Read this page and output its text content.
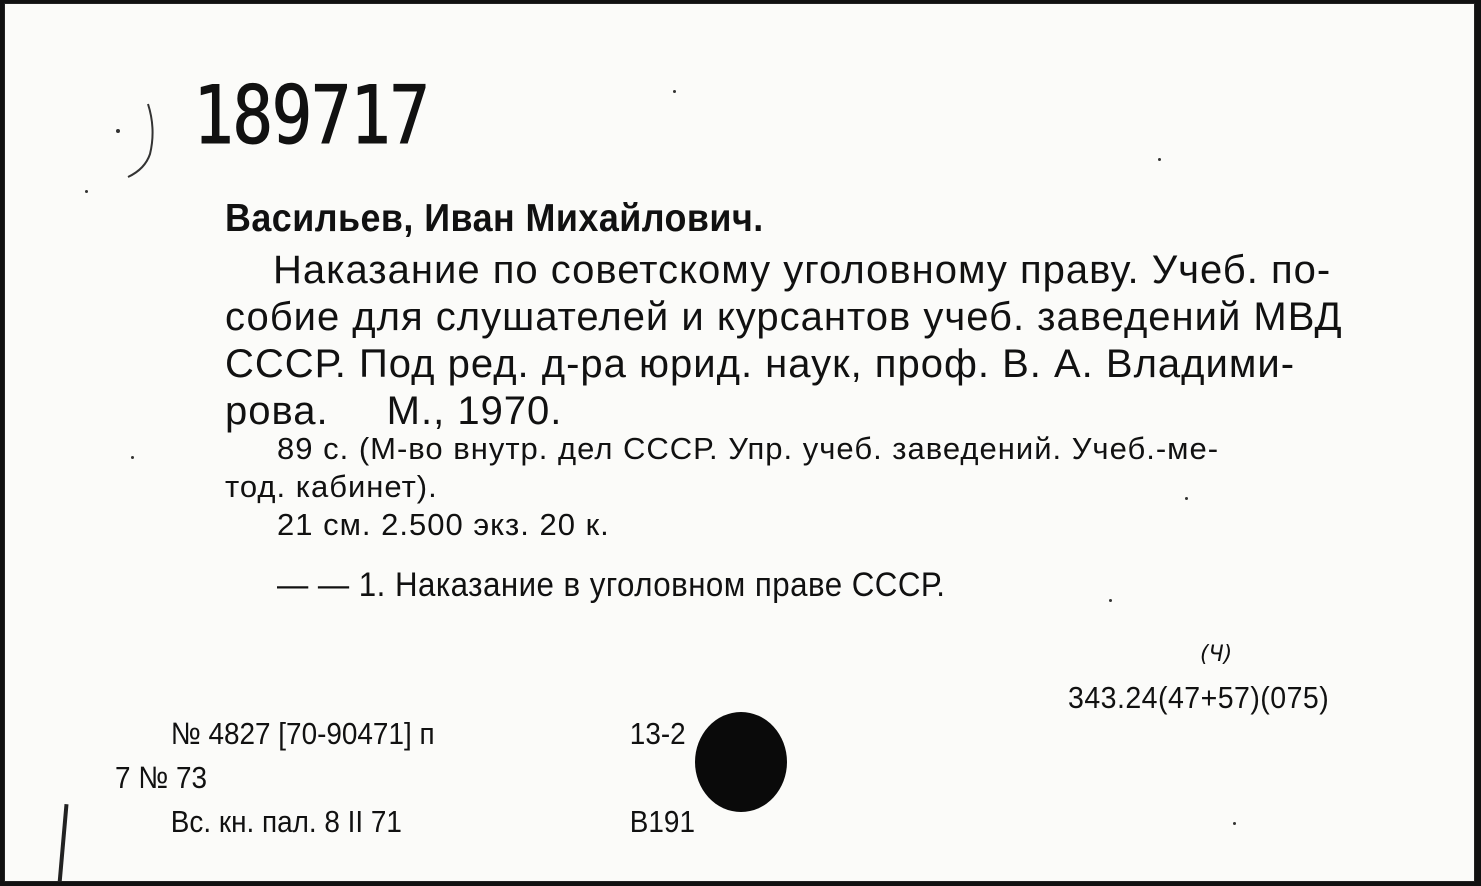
189717
Васильев, Иван Михайлович.
Наказание по советскому уголовному праву. Учеб. по-
собие для слушателей и курсантов учеб. заведений МВД
СССР. Под ред. д-ра юрид. наук, проф. В. А. Владими-
рова. М., 1970.
89 с. (М-во внутр. дел СССР. Упр. учеб. заведений. Учеб.-ме-
тод. кабинет).
21 см. 2.500 экз. 20 к.
— — 1. Наказание в уголовном праве СССР.
(Ч)
343.24(47+57)(075)
№ 4827 [70-90471] п	13-2
7 № 73
Вс. кн. пал. 8 II 71	В191
